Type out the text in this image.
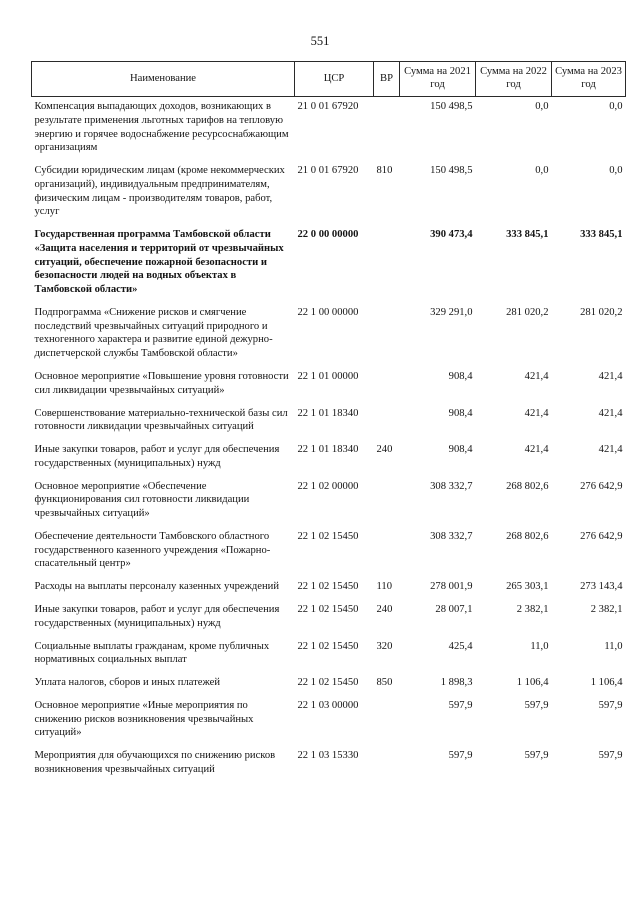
551
Наименование	ЦСР	ВР	Сумма на 2021 год	Сумма на 2022 год	Сумма на 2023 год
Компенсация выпадающих доходов, возникающих в результате применения льготных тарифов на тепловую энергию и горячее водоснабжение ресурсоснабжающим организациям	21 0 01 67920		150 498,5	0,0	0,0
Субсидии юридическим лицам (кроме некоммерческих организаций), индивидуальным предпринимателям, физическим лицам - производителям товаров, работ, услуг	21 0 01 67920	810	150 498,5	0,0	0,0
Государственная программа Тамбовской области «Защита населения и территорий от чрезвычайных ситуаций, обеспечение пожарной безопасности и безопасности людей на водных объектах в Тамбовской области»	22 0 00 00000		390 473,4	333 845,1	333 845,1
Подпрограмма «Снижение рисков и смягчение последствий чрезвычайных ситуаций природного и техногенного характера и развитие единой дежурно-диспетчерской службы Тамбовской области»	22 1 00 00000		329 291,0	281 020,2	281 020,2
Основное мероприятие «Повышение уровня готовности сил ликвидации чрезвычайных ситуаций»	22 1 01 00000		908,4	421,4	421,4
Совершенствование материально-технической базы сил готовности ликвидации чрезвычайных ситуаций	22 1 01 18340		908,4	421,4	421,4
Иные закупки товаров, работ и услуг для обеспечения государственных (муниципальных) нужд	22 1 01 18340	240	908,4	421,4	421,4
Основное мероприятие «Обеспечение функционирования сил готовности ликвидации чрезвычайных ситуаций»	22 1 02 00000		308 332,7	268 802,6	276 642,9
Обеспечение деятельности Тамбовского областного государственного казенного учреждения «Пожарно-спасательный центр»	22 1 02 15450		308 332,7	268 802,6	276 642,9
Расходы на выплаты персоналу казенных учреждений	22 1 02 15450	110	278 001,9	265 303,1	273 143,4
Иные закупки товаров, работ и услуг для обеспечения государственных (муниципальных) нужд	22 1 02 15450	240	28 007,1	2 382,1	2 382,1
Социальные выплаты гражданам, кроме публичных нормативных социальных выплат	22 1 02 15450	320	425,4	11,0	11,0
Уплата налогов, сборов и иных платежей	22 1 02 15450	850	1 898,3	1 106,4	1 106,4
Основное мероприятие «Иные мероприятия по снижению рисков возникновения чрезвычайных ситуаций»	22 1 03 00000		597,9	597,9	597,9
Мероприятия для обучающихся по снижению рисков возникновения чрезвычайных ситуаций	22 1 03 15330		597,9	597,9	597,9
